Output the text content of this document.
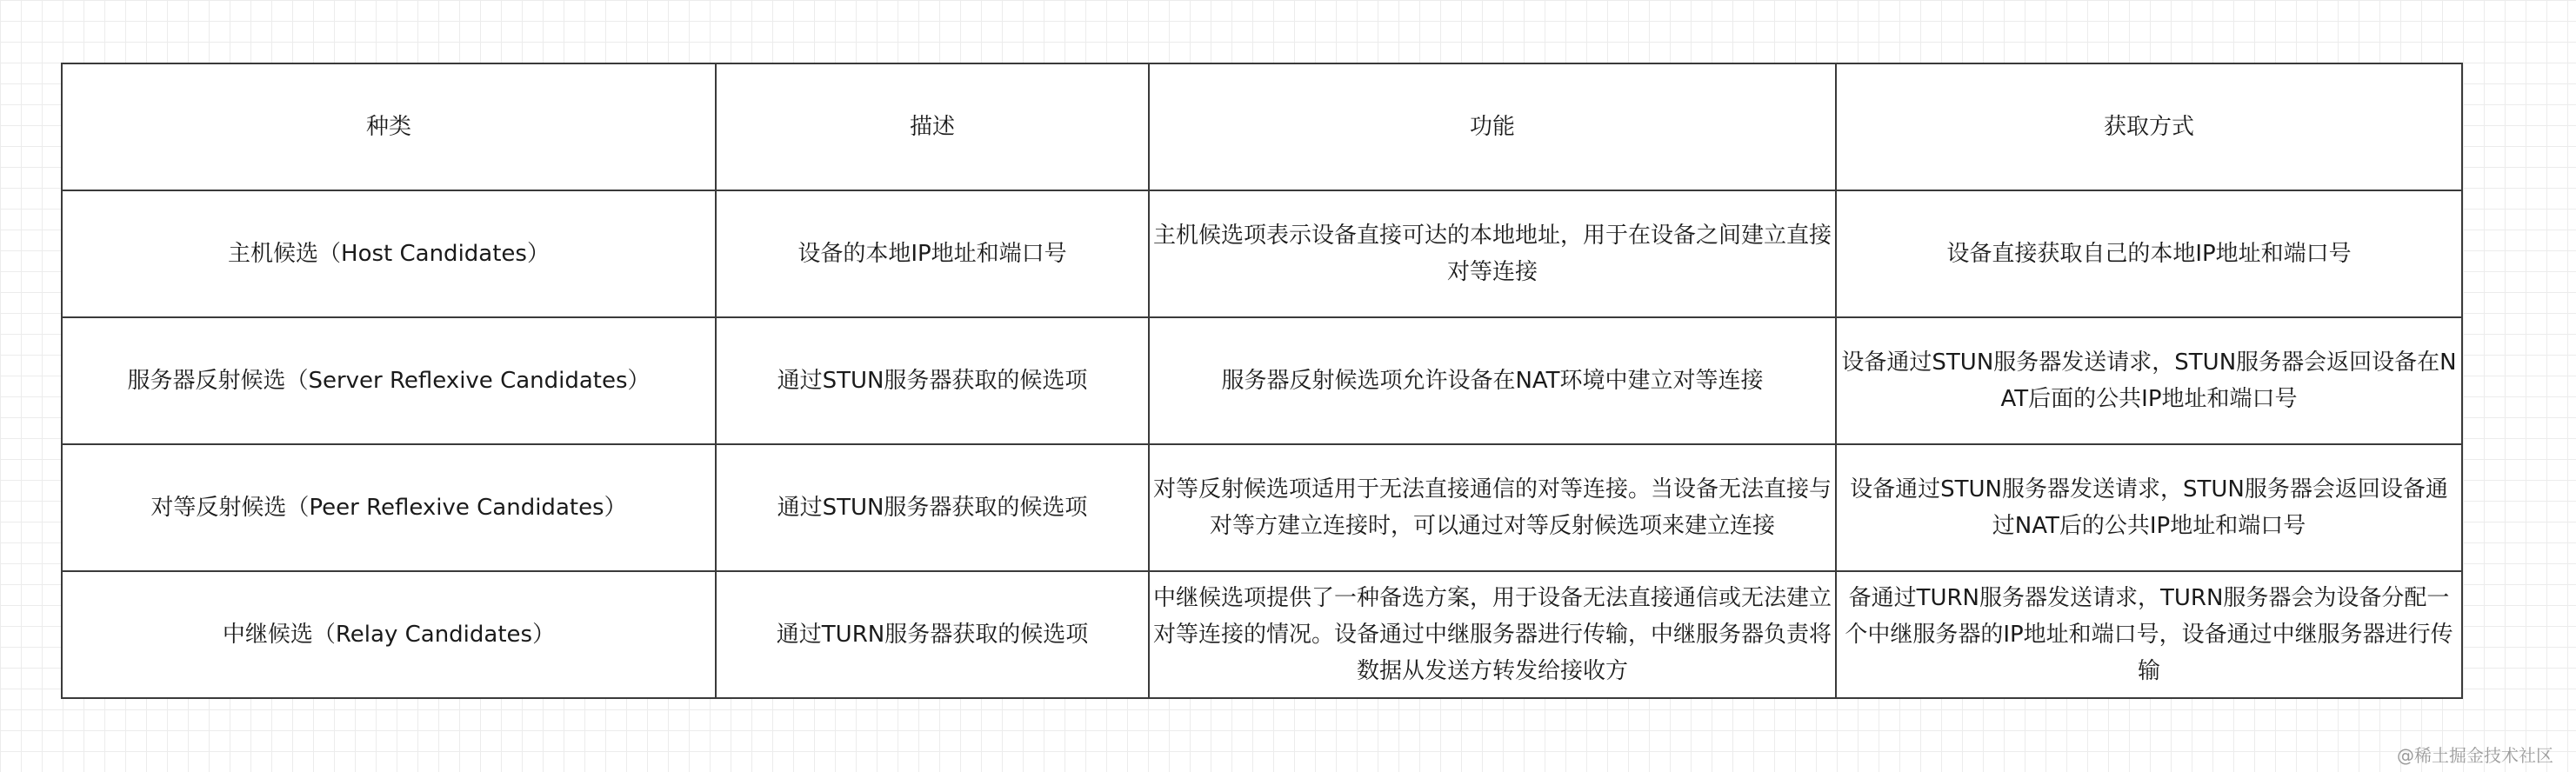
种类	描述	功能	获取方式
主机候选（Host Candidates）	设备的本地IP地址和端口号	主机候选项表示设备直接可达的本地地址，用于在设备之间建立直接对等连接	设备直接获取自己的本地IP地址和端口号
服务器反射候选（Server Reflexive Candidates）	通过STUN服务器获取的候选项	服务器反射候选项允许设备在NAT环境中建立对等连接	设备通过STUN服务器发送请求，STUN服务器会返回设备在NAT后面的公共IP地址和端口号
对等反射候选（Peer Reflexive Candidates）	通过STUN服务器获取的候选项	对等反射候选项适用于无法直接通信的对等连接。当设备无法直接与对等方建立连接时，可以通过对等反射候选项来建立连接	设备通过STUN服务器发送请求，STUN服务器会返回设备通过NAT后的公共IP地址和端口号
中继候选（Relay Candidates）	通过TURN服务器获取的候选项	中继候选项提供了一种备选方案，用于设备无法直接通信或无法建立对等连接的情况。设备通过中继服务器进行传输，中继服务器负责将数据从发送方转发给接收方	备通过TURN服务器发送请求，TURN服务器会为设备分配一个中继服务器的IP地址和端口号，设备通过中继服务器进行传输
@稀土掘金技术社区
